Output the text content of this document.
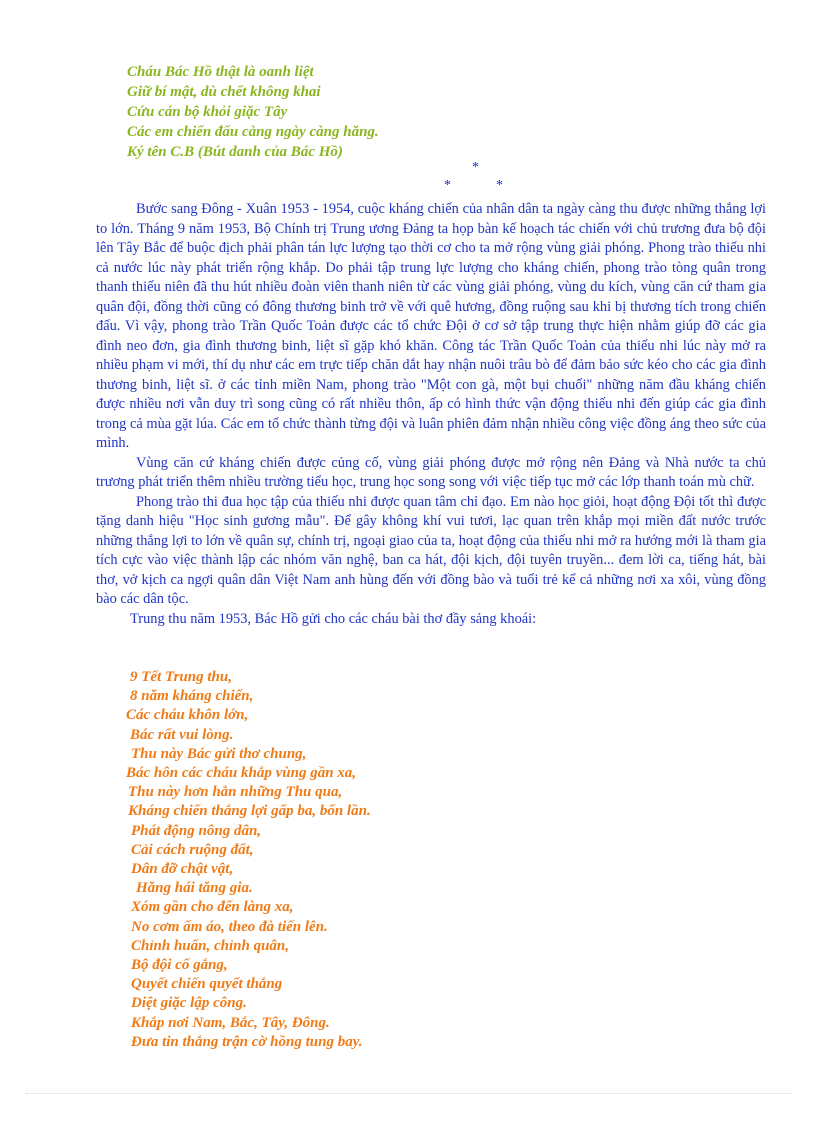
Cháu Bác Hồ thật là oanh liệt
Giữ bí mật, dù chết không khai
Cứu cán bộ khỏi giặc Tây
Các em chiến đấu càng ngày càng hăng.
Ký tên C.B (Bút danh của Bác Hồ)
*
*	*

Bước sang Đông - Xuân 1953 - 1954, cuộc kháng chiến của nhân dân ta ngày càng thu được những thắng lợi to lớn. Tháng 9 năm 1953, Bộ Chính trị Trung ương Đảng ta họp bàn kế hoạch tác chiến với chủ trương đưa bộ đội lên Tây Bắc để buộc địch phải phân tán lực lượng tạo thời cơ cho ta mở rộng vùng giải phóng. Phong trào thiếu nhi cả nước lúc này phát triển rộng khắp. Do phải tập trung lực lượng cho kháng chiến, phong trào tòng quân trong thanh thiếu niên đã thu hút nhiều đoàn viên thanh niên từ các vùng giải phóng, vùng du kích, vùng căn cứ tham gia quân đội, đồng thời cũng có đông thương binh trở về với quê hương, đồng ruộng sau khi bị thương tích trong chiến đấu. Vì vậy, phong trào Trần Quốc Toản được các tổ chức Đội ở cơ sở tập trung thực hiện nhằm giúp đỡ các gia đình neo đơn, gia đình thương binh, liệt sĩ gặp khó khăn. Công tác Trần Quốc Toản của thiếu nhi lúc này mở ra nhiều phạm vi mới, thí dụ như các em trực tiếp chăn dắt hay nhận nuôi trâu bò để đảm bảo sức kéo cho các gia đình thương binh, liệt sĩ. ở các tỉnh miền Nam, phong trào "Một con gà, một bụi chuối" những năm đầu kháng chiến được nhiều nơi vẫn duy trì song cũng có rất nhiều thôn, ấp có hình thức vận động thiếu nhi đến giúp các gia đình trong cả mùa gặt lúa. Các em tổ chức thành từng đội và luân phiên đảm nhận nhiều công việc đồng áng theo sức của mình.

Vùng căn cứ kháng chiến được củng cố, vùng giải phóng được mở rộng nên Đảng và Nhà nước ta chủ trương phát triển thêm nhiều trường tiểu học, trung học song song với việc tiếp tục mở các lớp thanh toán mù chữ.

Phong trào thi đua học tập của thiếu nhi được quan tâm chỉ đạo. Em nào học giỏi, hoạt động Đội tốt thì được tặng danh hiệu "Học sinh gương mẫu". Để gây không khí vui tươi, lạc quan trên khắp mọi miền đất nước trước những thắng lợi to lớn về quân sự, chính trị, ngoại giao của ta, hoạt động của thiếu nhi mở ra hướng mới là tham gia tích cực vào việc thành lập các nhóm văn nghệ, ban ca hát, đội kịch, đội tuyên truyền... đem lời ca, tiếng hát, bài thơ, vở kịch ca ngợi quân dân Việt Nam anh hùng đến với đồng bào và tuổi trẻ kể cả những nơi xa xôi, vùng đồng bào các dân tộc.

Trung thu năm 1953, Bác Hồ gửi cho các cháu bài thơ đầy sảng khoái:

9 Tết Trung thu,
8 năm kháng chiến,
Các cháu khôn lớn,
Bác rất vui lòng.
Thu này Bác gửi thơ chung,
Bác hôn các cháu khắp vùng gần xa,
Thu này hơn hẳn những Thu qua,
Kháng chiến thắng lợi gấp ba, bốn lần.
Phát động nông dân,
Cải cách ruộng đất,
Dân đỡ chật vật,
Hăng hái tăng gia.
Xóm gần cho đến làng xa,
No cơm ấm áo, theo đà tiến lên.
Chỉnh huấn, chỉnh quân,
Bộ đội cố gắng,
Quyết chiến quyết thắng
Diệt giặc lập công.
Khắp nơi Nam, Bắc, Tây, Đông.
Đưa tin thắng trận cờ hồng tung bay.
